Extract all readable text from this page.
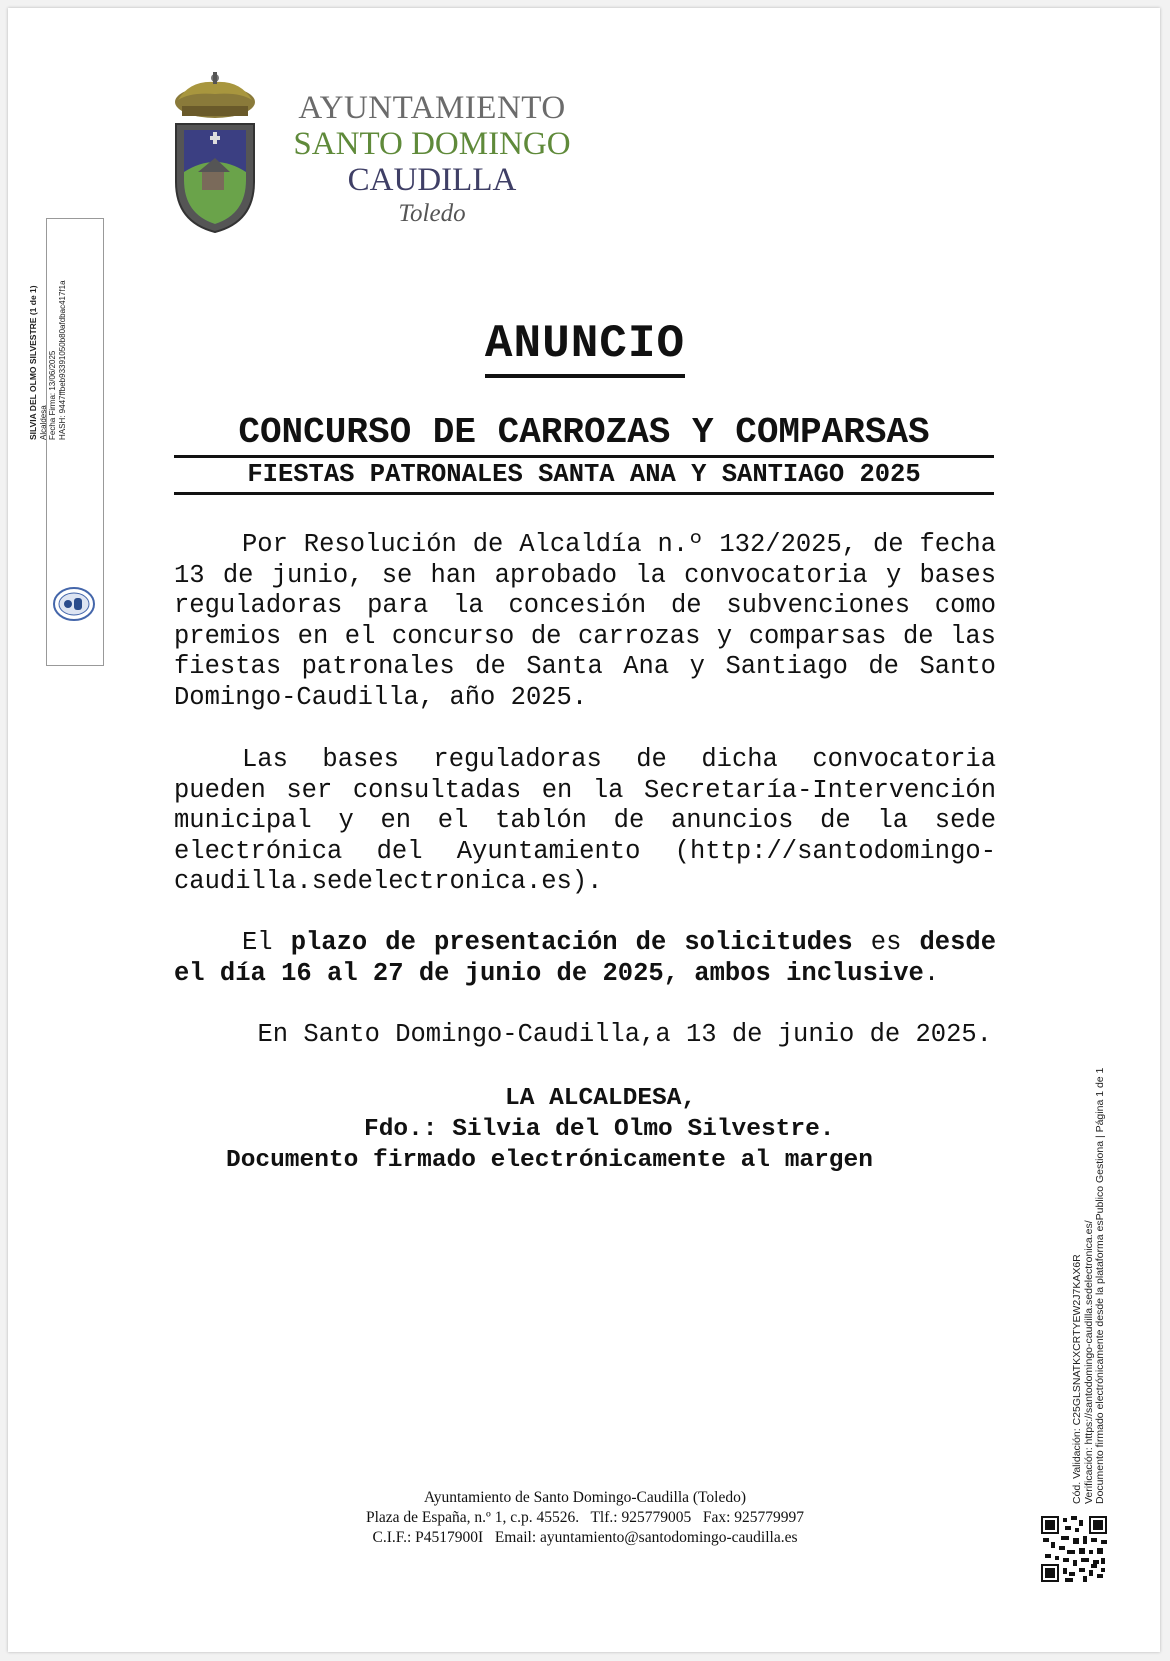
AYUNTAMIENTO
SANTO DOMINGO
CAUDILLA
Toledo
SILVIA DEL OLMO SILVESTRE (1 de 1)
Alcaldesa
Fecha Firma: 13/06/2025
HASH: 9447ffbeb93391050b80afdbac417f1a	ANUNCIO
CONCURSO DE CARROZAS Y COMPARSAS
FIESTAS PATRONALES SANTA ANA Y SANTIAGO 2025
Por Resolución de Alcaldía n.º 132/2025, de fecha 13 de junio, se han aprobado la convocatoria y bases reguladoras para la concesión de subvenciones como premios en el concurso de carrozas y comparsas de las fiestas patronales de Santa Ana y Santiago de Santo Domingo-Caudilla, año 2025.
Las bases reguladoras de dicha convocatoria pueden ser consultadas en la Secretaría-Intervención municipal y en el tablón de anuncios de la sede electrónica del Ayuntamiento (http://santodomingo-caudilla.sedelectronica.es).
El plazo de presentación de solicitudes es desde el día 16 al 27 de junio de 2025, ambos inclusive.
En Santo Domingo-Caudilla,a 13 de junio de 2025.
LA ALCALDESA,
Fdo.: Silvia del Olmo Silvestre.
Documento firmado electrónicamente al margen
Ayuntamiento de Santo Domingo-Caudilla (Toledo)
Plaza de España, n.º 1, c.p. 45526.   Tlf.: 925779005   Fax: 925779997
C.I.F.: P4517900I   Email: ayuntamiento@santodomingo-caudilla.es
Cód. Validación: C25GLSNATKXCRTYEW2J7KAX6R Verificación: https://santodomingo-caudilla.sedelectronica.es/ Documento firmado electrónicamente desde la plataforma esPublico Gestiona | Página 1 de 1
